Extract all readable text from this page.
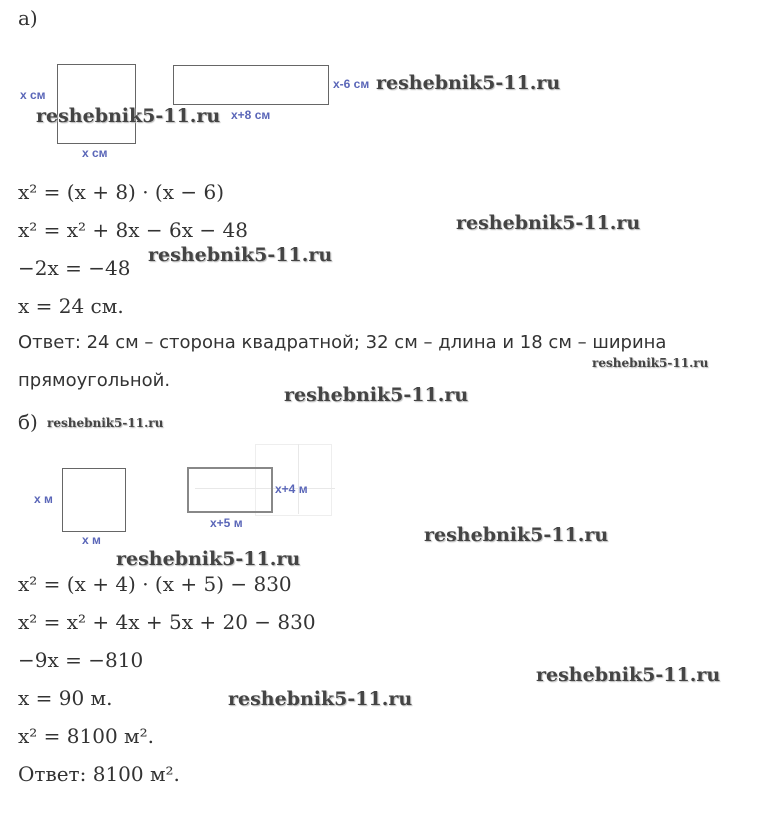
а)
x см
x см
x-6 см
x+8 см
x² = (x + 8) · (x − 6)
x² = x² + 8x − 6x − 48
−2x = −48
x = 24 см.
Ответ: 24 см – сторона квадратной; 32 см – длина и 18 см – ширина
прямоугольной.
б)
x м
x м
x+4 м
x+5 м
x² = (x + 4) · (x + 5) − 830
x² = x² + 4x + 5x + 20 − 830
−9x = −810
x = 90 м.
x² = 8100 м².
Ответ: 8100 м².
reshebnik5-11.ru
reshebnik5-11.ru
reshebnik5-11.ru
reshebnik5-11.ru
reshebnik5-11.ru
reshebnik5-11.ru
reshebnik5-11.ru
reshebnik5-11.ru
reshebnik5-11.ru
reshebnik5-11.ru
reshebnik5-11.ru
